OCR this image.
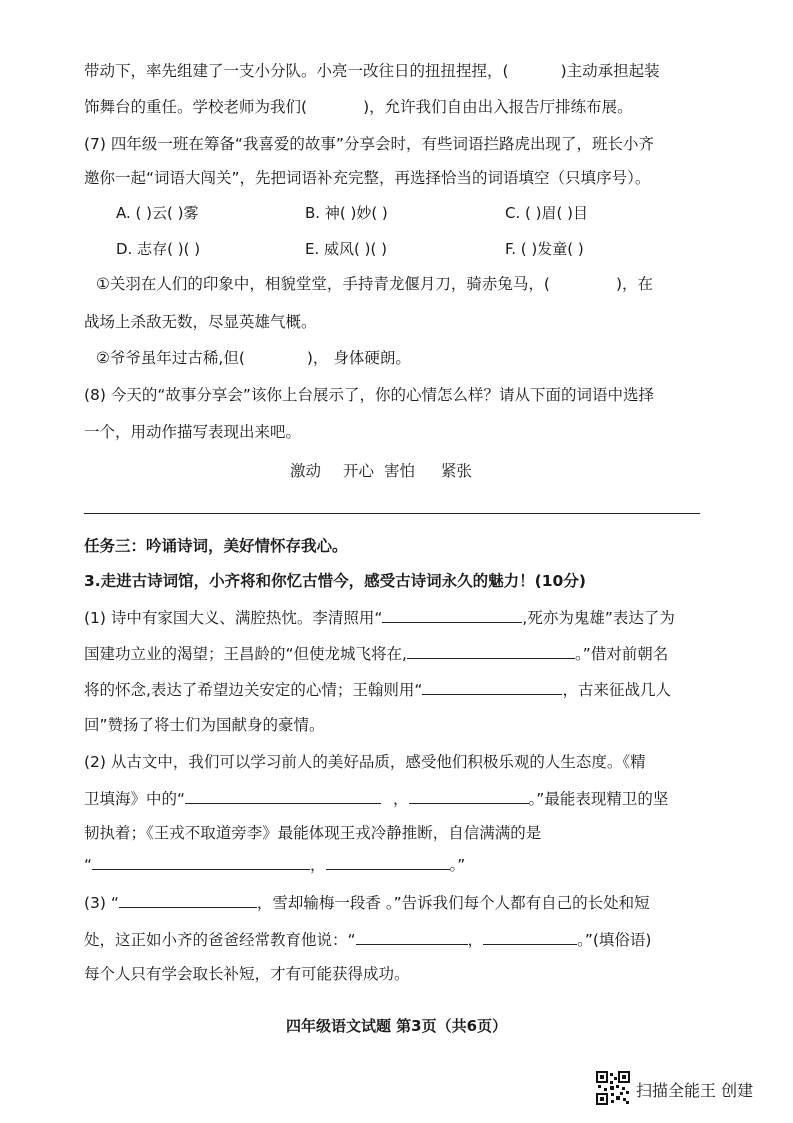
带动下，率先组建了一支小分队。小亮一改往日的扭扭捏捏，(	)主动承担起装
饰舞台的重任。学校老师为我们(	)，允许我们自由出入报告厅排练布展。
(7) 四年级一班在筹备“我喜爱的故事”分享会时，有些词语拦路虎出现了，班长小齐
邀你一起“词语大闯关”，先把词语补充完整，再选择恰当的词语填空（只填序号）。
A. ( )云( )雾	B. 神( )妙( )	C. ( )眉( )目
D. 志存( )( )	E. 威风( )( )	F. ( )发童( )
①关羽在人们的印象中，相貌堂堂，手持青龙偃月刀，骑赤兔马，(	)，在
战场上杀敌无数，尽显英雄气概。
②爷爷虽年过古稀,但(	)， 身体硬朗。
(8) 今天的“故事分享会”该你上台展示了，你的心情怎么样？请从下面的词语中选择
一个，用动作描写表现出来吧。
激动 开心 害怕 紧张
任务三：吟诵诗词，美好情怀存我心。
3.走进古诗词馆，小齐将和你忆古惜今，感受古诗词永久的魅力！(10分)
(1) 诗中有家国大义、满腔热忱。李清照用“	,死亦为鬼雄”表达了为
国建功立业的渴望；王昌龄的“但使龙城飞将在,	。”借对前朝名
将的怀念,表达了希望边关安定的心情；王翰则用“	，古来征战几人
回”赞扬了将士们为国献身的豪情。
(2) 从古文中，我们可以学习前人的美好品质，感受他们积极乐观的人生态度。《精
卫填海》中的“	，	。”最能表现精卫的坚
韧执着；《王戎不取道旁李》最能体现王戎冷静推断，自信满满的是
“	，	。”
(3) “	，雪却输梅一段香 。”告诉我们每个人都有自己的长处和短
处，这正如小齐的爸爸经常教育他说：“	，	。”(填俗语)
每个人只有学会取长补短，才有可能获得成功。
四年级语文试题 第3页（共6页）
扫描全能王 创建
